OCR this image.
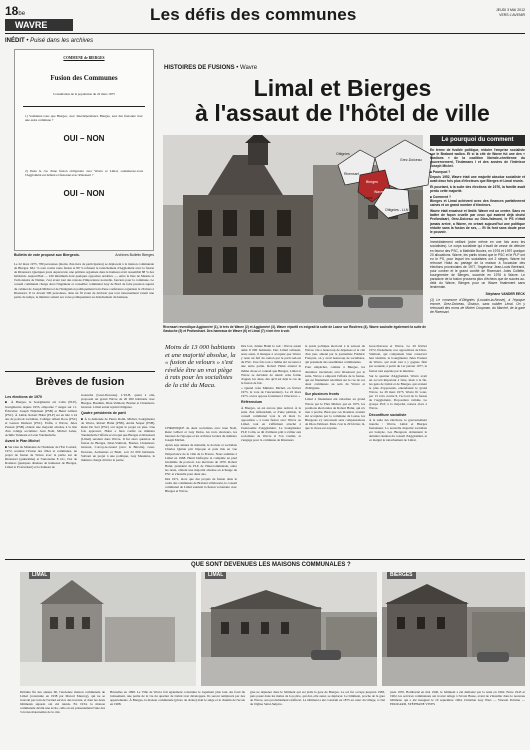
18be
WAVRE
Les défis des communes	JEUDI 3 MAI 2012
VERS L'AVENIR
INÉDIT • Puisé dans les archives
COMMUNE de BIERGES
Fusion des Communes
Consultation de la population du 22 mars 1975
1) Souhaitez-vous que Bierges, avec Interdépendance Bierges, sera dès fusionné avec une autre commune ?
OUI – NON
2) Dans le cas d'une fusion obligatoire avec Wavre et Limal, souhaiterez-vous l'Aggloméré est débuté et fusionné avec Rixensart ?
OUI – NON
Bulletin de vote proposé aux Biergeois.	Archives Bulletin Bierges
Le 22 mars 1975, 780 personnes (moins d'un tiers de participation) se déplacent à la maison communale de Bierges. 66,1 % sont contre toute fusion et 80 % refusent le rattachement d'Aggloméré avec la fusion de Rixensart. Quelques jours auparavant, une pétition organisée dans le hameau avait rassemblé 88 % des habitants. Aujourd'hui — 220 minimum dont quelques opposites notables —, entre la liste de Mesnie et l'actionnaire de Namur, c'est avant tout des raisons d'importance nouvelle, fonciers pour la commune. Le conseil communal charge alors l'ingénieur et conseiller communal Guy de Bord de faire pression auprès du cabinet de Joseph Michel et de l'Intégration politiquement loin d'une conférence organisée le 26 mars à Rixensart. Il va devant 500 personnes, dans un fil avant de déclarer que tout raisonnement venait une partie de temps, le ministre retient ses votes politiquement au détachement du hameau.
Brèves de fusion

Les élections de 1970

■ À Bierges, le bourgmestre est Colin (PLP), bourgmestre depuis 1935, emportée 7 sièges sur 11. Échevins: Joseph Thijsbaert (PSB) et Henri Gilbert (PSC). À Limal, Robert Halut (PLP) est en tête à 24 ans de pouvoir socialiste. Collège: Albert Roos (PSC) et Gaston Dumont (PSC). Enfin, à Wavre, Jules Pasteur (PSB) obtient une majorité absolue à la tête d'un collège socialiste: Jean Noël, Michel Leleu, Achille Vanneste et Léon Vandenbolle.

Avant le Plan Michel

■ Sur idée du Ministère de l'Intérieur de l'Est Costard, 1972, soutient l'Union des villes et communes, un projet de fusion de Wavre avec la partie sur de Rixensart (quinzième) et l'autonome 8 411, l'est de Rosières (quelques dizaines de hameaux de Bierges, Limal et Profondsart) et le hameau de

Gastuche (Grez-Doiceau). L'ULB, quant à elle, proposait un grand Wavre de 20 000 habitants avec Bierges, Basilum, Dion-Valmont, Bonlez et Chaumont-Gistoux. Limal aurait rejoint Ottignies.

Quatre présidents de parti

■ À la demande de Pierre Rolin, Michel, bourgmestre de Wavre, Robert Halut (PSB), André Sesper (PSB), René De Sert (PSC) ont signé le projet en plus. Une fois approuvé, Halut a bien confié au ministre Vandenbolle l'affaire et évoqué que Bierges et Rixensart (Limal) seraient dans Wavre. Il fut alors question de fusion de Bierges, Dion-Valmont, Bonlez, Chaumont-Gistoux, Corroy-le-Grand (avec le Bérotte), Grez-Doiceau, Archennes et Basil, soit 22 000 habitants. Suivant un projet à une politique, Guy Mesnière, le ministre chargé d'écrire la partie.

HISTOIRES DE FUSIONS • Wavre
Limal et Bierges
à l'assaut de l'hôtel de ville
Ottignies
Grez-Doiceau
Rixensart
Bierges
Wavre
Limal
Ottignies - LLN
Rixensart revendique Aggloméré (1), le trés de Wavre (2) et Aggloméré (3). Wavre répartit en exigeait la suite de Lasne sur Rosières (4). Wavre souhaite également la suite de Gastuche (5) et Profondsart. Des hameaux de Wavre (6) et Limal (7) n'ont rien à voir.
Le pourquoi du comment
En terme de fusible politique, réduire l'emprise socialiste sur le Brabant wallon. Et si la cité de Wavre fut une des « bastions » de la coalition libérale-chrétienne du gouvernement, Tindemans I et des années de l'Intérieur Joseph Michel.
■ Pourquoi ?
Depuis 1952, Wavre était une majorité absolue socialiste et avait deux fois plus d'électeurs que Bierges et Limal réunis.
Et pourtant, à la suite des élections de 1976, la famille avait perdu cette majorité.
■ Comment ?
Bierges et Limal achèvent avec des finances parfaitement saines et un grand nombre d'électeurs.
Wavre était encaissé et limité. Wavre est un centre. Sans en battre de façon cruelle par ceux qui avaient déjà choisi Profondsart, Grez-Doiceau ou Dion-Valmont, le PS n'était jamais arrivé, a Wavre, en créant aujourd'hui une politique réduite sans la fusion de ses, ... Et ils font sans doute peur le pouvoir.
Immédiatement veillant (voire même en une fois avec les socialistes). Le corps socialiste qui n'avait de cesse de détruire en faveur des PSC, à Mathilde Boulez, en 1976 et 1997 quelque 20 allocations. Wavre, les partis réussi que le PSC et le PLP ont eu le PS, pour lequel les socialistes ont 2 sièges. Wavre fut retrouvé Halut au partage de la maison à l'occasion des élections provinciales de 1977, l'ingénieur Jean-Louis Bertrand, pour contrer et le grand comité de Rixensart. Jules Collette, bourgmestre de Bierges, succède en 1976 à Wavre. Le paradoxe de la fusion prouvera plus d'échecs que de succès au-delà du Wavre, Bierges pour un Wavre finalement sans lendemain.
Stéphane VANDER EECK
(1) Le commune d'Ottignies (Louvain-la-Neuve), à l'époque encore, Grez-Doiceau, Gistoux, sans oublier Limal. On y retrouvait des noms de Michel Coopman, du Marché, de la gare de Rixensart.
Moins de 13 000 habitants et une majorité absolue, la « fusion de velours » s'est révélée être un vrai piège à rats pour les socialistes de la cité du Maca.

CHRONIQUE de deux socialistes avec Jean Noël, René Gilbert et Guy Delos, les trois électeurs, les bureaux de l'époque et les archives locales du ministre Joseph Michel.

Après sept années de maturité, le docteur et socialiste Charles Quinte prit l'époque et puis mis en vue l'importance de la ville de la France. Nous sommes à Limal en 1968. Henri Defreyne le complète au pied lui-même du pouvoir. Les élections de 1970. Robert Halut, président de PLP, de l'Intercommunale, entre les deux, obtient une majorité absolue en échange du PSC et s'installe pour deux ans.

Dès 1971, alors que des projets de fusion dans le cadre des communes de Brabant s'élaborent, le conseil communal de Limal soutient la fusion volontaire avec Bierges et Wavre.

Dès lors, Janine Halut le sait : Wavre aurait aimé 8 000 habitants. Des Limal refusent, nous aussi, il manque à acceptée que Wavre y reste un fief du canton par le parti sud-est du PSC. Une fois tout a même été reconnu à une autre partie. Robert Halut entend la même chose et connaît que Bierges, Limal et Wavre se décident de réunir cette forme d'appel, les deux, dès qu'il est déjà le cas de la fusion de fait.

« Quand cette Ministre Michel, en février 1975, le vote de l'Ascendancy. Le 22 mars 1975, on les oppose fortement à l'électorat. »

Référendum

À Bierges, on est encore plus radical. À la suite d'un référendum, et d'une pétition, le conseil communal vote le 24 mars l'« opposition » à toute fusion avec Wavre ou Limal, tout en s'affirmant attaché à l'autonomie d'Aggloméré. Le bourgmestre PLP, Colin, se dit d'ailleurs prêt à s'allier aux socialistes de Wavre si l'on voulait, et s'engage pour la commune de Rixensart.

le poids politique électoral à le sud-est du Wavre. On a beaucoup de dépenses et la cité d'un jour, amené par la journaliste Frédéric Français, on y avait beaucoup de socialistes, qui prenaient des assemblées communales.

Pour empêcher, comme à Bierges, les dernières tractations avec Rixensart par la suite, Wavre a emporté l'affaire de la fusion, qui est finalement retombée sur le cas de ces deux communes au sein du Wavre et d'Ottignies.

Sur plusieurs fronts

Limal à finalement été rattachée au grand Wavre par le Plan Michel, qui en 1975, les positions électorales de Robert Halut, qui n'a rien à perdre. Bien que ces Rosières avaient été acceptées par la commune de Lasne, les Biergeois s'y retrouvent sans compensations de Dion-Valmont. Mais c'est le 29 février, là, que la chose est acquise.

Grez-Doiceau et Wavre. Le 29 février 1972, finalement, nos oppositions de Dion-Valmont, qui comptaient bien conserver leur identité, le bourgmestre Jules Pasteur de Wavre, qui avait tout à y gagner, finit par soutenir, à partir du 1er janvier 1977, la fusion tant espérée par le ministre.

Sur le quartier d'Aggloméré, Wavre avait un accord important à faire, mais à la fin, les gens de Limal et de Bierges, qui avaient le plus d'opposants, entendaient le grand Wavre. Le 29 mars 1975, Wavre fit voter, par 13 voix contre 9, l'accord de la fusion de l'Aggloméré, Proposition validée. Le groupe PLP, à la majorité, restera alors à Wavre.

Déconfiture socialiste

À la suite des élections, le gouvernement tranche : Wavre, Limal et Bierges fusionnent. La nouvelle majorité socialiste est balayée. Les Biergeois obtiennent la dernière réunion du conseil d'Aggloméré, et ce malgré le rattachement de Limal.

QUE SONT DEVENUES LES MAISONS COMMUNALES ?
LIMAL	LIMAL	BIERGES
Détruite fin des années 60, l'ancienne maison communale de Limal (construite en 1938 par Marcel Mauroy), qui ne se trouvait pas loin de l'actuel service des travaux, et dont les deux bâtiments séparés ont été réunis. En 1934, la maison communale devint une école, celle où est présentement l'une des 3 écoles maternelles de la cité.
Bruxelles en 1998. La Ville de Wavre fait également construire le logement plus loin. Au fond du lotissement, une partie de la vie du quartier de Limal s'est développée. Ils seront remplacés par des appartements. À Bierges, la maison communale (photo de droite) était le siège et le chemin de l'école en 1968.
gise ne déjeuner dans le bâtiment qui est jadis la gare de Bierges. Le sol fut occupé jusqu'en 1983, puis passé dans les mains de la police, qui dut, elle aussi, se déplacer. Le bâtiment, proche de la gare de Wavre, sera probablement réaffecté. Le bâtiment a été construit en 1875 au cœur du village, à côté de l'église Saint-Sulpice.
juste 1935. Bombardé en mai 1940, le bâtiment a été démonté par la suite en 1962. Entre 1945 et 1962, les services communaux ont trouvé refuge à l'école Basse, avant de s'installer dans le nouveau bâtiment, qui a été inauguré le 19 septembre 1964, Christian Guy Wers — Vincent Poitrine — EDOUARD, STÉPHANE VIVES
